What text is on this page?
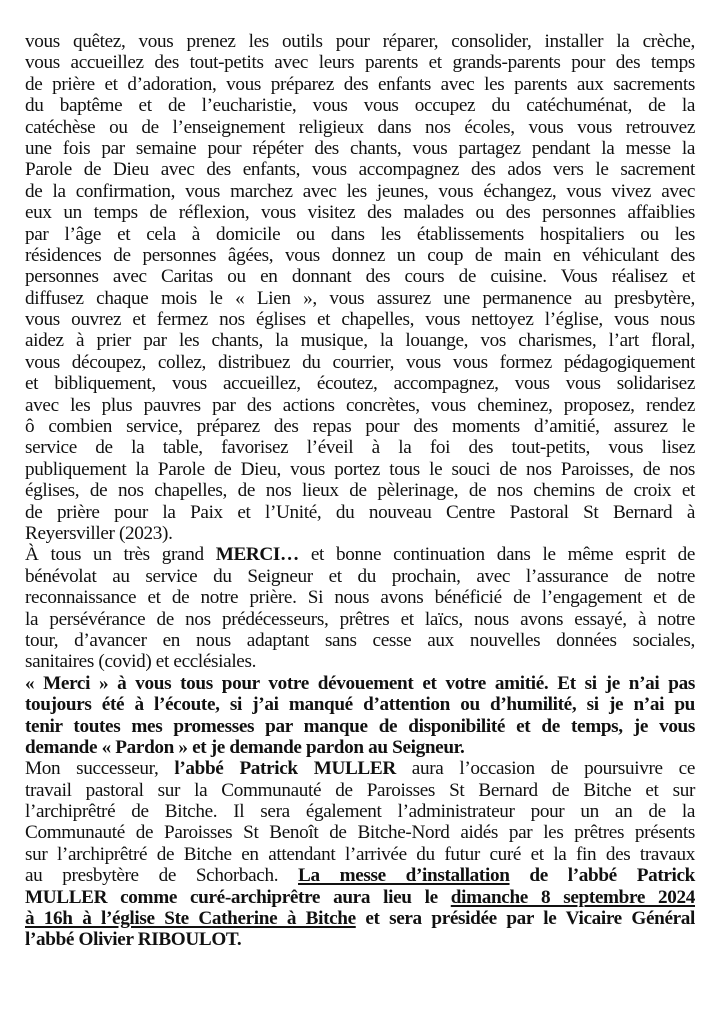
vous quêtez, vous prenez les outils pour réparer, consolider, installer la crèche,
vous accueillez des tout-petits avec leurs parents et grands-parents pour des temps
de prière et d’adoration, vous préparez des enfants avec les parents aux sacrements
du baptême et de l’eucharistie, vous vous occupez du catéchuménat, de la
catéchèse ou de l’enseignement religieux dans nos écoles, vous vous retrouvez
une fois par semaine pour répéter des chants, vous partagez pendant la messe la
Parole de Dieu avec des enfants, vous accompagnez des ados vers le sacrement
de la confirmation, vous marchez avec les jeunes, vous échangez, vous vivez avec
eux un temps de réflexion, vous visitez des malades ou des personnes affaiblies
par l’âge et cela à domicile ou dans les établissements hospitaliers ou les
résidences de personnes âgées, vous donnez un coup de main en véhiculant des
personnes avec Caritas ou en donnant des cours de cuisine. Vous réalisez et
diffusez chaque mois le « Lien », vous assurez une permanence au presbytère,
vous ouvrez et fermez nos églises et chapelles, vous nettoyez l’église, vous nous
aidez à prier par les chants, la musique, la louange, vos charismes, l’art floral,
vous découpez, collez, distribuez du courrier, vous vous formez pédagogiquement
et bibliquement, vous accueillez, écoutez, accompagnez, vous vous solidarisez
avec les plus pauvres par des actions concrètes, vous cheminez, proposez, rendez
ô combien service, préparez des repas pour des moments d’amitié, assurez le
service de la table, favorisez l’éveil à la foi des tout-petits, vous lisez
publiquement la Parole de Dieu, vous portez tous le souci de nos Paroisses, de nos
églises, de nos chapelles, de nos lieux de pèlerinage, de nos chemins de croix et
de prière pour la Paix et l’Unité, du nouveau Centre Pastoral St Bernard à
Reyersviller (2023).
À tous un très grand MERCI… et bonne continuation dans le même esprit de
bénévolat au service du Seigneur et du prochain, avec l’assurance de notre
reconnaissance et de notre prière. Si nous avons bénéficié de l’engagement et de
la persévérance de nos prédécesseurs, prêtres et laïcs, nous avons essayé, à notre
tour, d’avancer en nous adaptant sans cesse aux nouvelles données sociales,
sanitaires (covid) et ecclésiales.
« Merci » à vous tous pour votre dévouement et votre amitié. Et si je n’ai pas
toujours été à l’écoute, si j’ai manqué d’attention ou d’humilité, si je n’ai pu
tenir toutes mes promesses par manque de disponibilité et de temps, je vous
demande « Pardon » et je demande pardon au Seigneur.
Mon successeur, l’abbé Patrick MULLER aura l’occasion de poursuivre ce
travail pastoral sur la Communauté de Paroisses St Bernard de Bitche et sur
l’archiprêtré de Bitche. Il sera également l’administrateur pour un an de la
Communauté de Paroisses St Benoît de Bitche-Nord aidés par les prêtres présents
sur l’archiprêtré de Bitche en attendant l’arrivée du futur curé et la fin des travaux
au presbytère de Schorbach. La messe d’installation de l’abbé Patrick
MULLER comme curé-archiprêtre aura lieu le dimanche 8 septembre 2024
à 16h à l’église Ste Catherine à Bitche et sera présidée par le Vicaire Général
l’abbé Olivier RIBOULOT.
